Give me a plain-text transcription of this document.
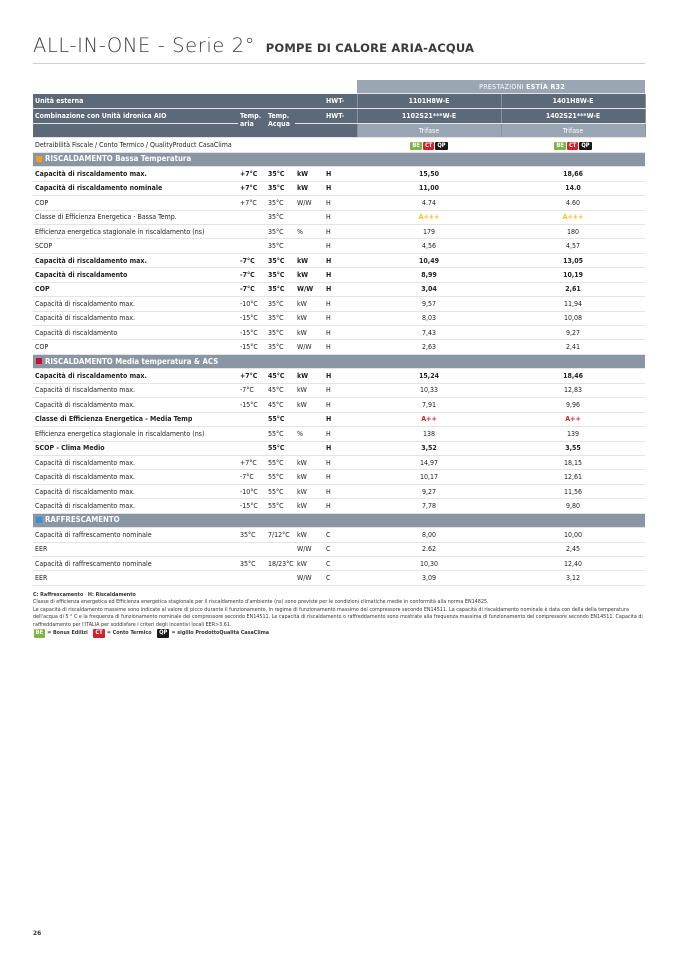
ALL-IN-ONE - Serie 2° POMPE DI CALORE ARIA-ACQUA
					PRESTAZIONI ESTÍA R32	
Unità esterna				HWT-	1101H8W-E	1401H8W-E
Combinazione con Unità idronica AIO	Temp. aria	Temp. Acqua		HWT-	1102S21***W-E	1402S21***W-E
					Trifase	Trifase
Detraibilità Fiscale / Conto Termico / QualityProduct CasaClima					BE CT QP	BE CT QP
RISCALDAMENTO Bassa Temperatura						
Capacità di riscaldamento max.	+7°C	35°C	kW	H	15,50	18,66
Capacità di riscaldamento nominale	+7°C	35°C	kW	H	11,00	14.0
COP	+7°C	35°C	W/W	H	4.74	4.60
Classe di Efficienza Energetica - Bassa Temp.		35°C		H	A+++	A+++
Efficienza energetica stagionale in riscaldamento (ns)		35°C	%	H	179	180
SCOP		35°C		H	4,56	4,57
Capacità di riscaldamento max.	-7°C	35°C	kW	H	10,49	13,05
Capacità di riscaldamento	-7°C	35°C	kW	H	8,99	10,19
COP	-7°C	35°C	W/W	H	3,04	2,61
Capacità di riscaldamento max.	-10°C	35°C	kW	H	9,57	11,94
Capacità di riscaldamento max.	-15°C	35°C	kW	H	8,03	10,08
Capacità di riscaldamento	-15°C	35°C	kW	H	7,43	9,27
COP	-15°C	35°C	W/W	H	2,63	2,41
RISCALDAMENTO Media temperatura & ACS						
Capacità di riscaldamento max.	+7°C	45°C	kW	H	15,24	18,46
Capacità di riscaldamento max.	-7°C	45°C	kW	H	10,33	12,83
Capacità di riscaldamento max.	-15°C	45°C	kW	H	7,91	9,96
Classe di Efficienza Energetica - Media Temp		55°C		H	A++	A++
Efficienza energetica stagionale in riscaldamento (ns)		55°C	%	H	138	139
SCOP - Clima Medio		55°C		H	3,52	3,55
Capacità di riscaldamento max.	+7°C	55°C	kW	H	14,97	18,15
Capacità di riscaldamento max.	-7°C	55°C	kW	H	10,17	12,61
Capacità di riscaldamento max.	-10°C	55°C	kW	H	9,27	11,56
Capacità di riscaldamento max.	-15°C	55°C	kW	H	7,78	9,80
RAFFRESCAMENTO						
Capacità di raffrescamento nominale	35°C	7/12°C	kW	C	8,00	10,00
EER			W/W	C	2.62	2,45
Capacità di raffrescamento nominale	35°C	18/23°C	kW	C	10,30	12,40
EER			W/W	C	3,09	3,12

C: Raffrescamento H: Riscaldamento

Classe di efficienza energetica ed Efficienza energetica stagionale per il riscaldamento d'ambiente (ns) sono previste per le condizioni climatiche medie in conformità alla norma EN14825.

Le capacità di riscaldamento massime sono indicate al valore di picco durante il funzionamento, in regime di funzionamento massimo del compressore secondo EN14511. La capacità di riscaldamento nominale è data con della della temperatura dell'acqua di 5 ° C e la frequenza di funzionamento nominale del compressore secondo EN14511. Le capacità di riscaldamento o raffreddamento sono mostrate alla frequenza massima di funzionamento del compressore secondo EN14511. Capacità di raffreddamento per l'ITALIA per soddisfare i criteri degli incentivi locali EER>3.61.

BE = Bonus Edilizi CT = Conto Termico QP = sigillo ProdottoQualità CasaClima

26
